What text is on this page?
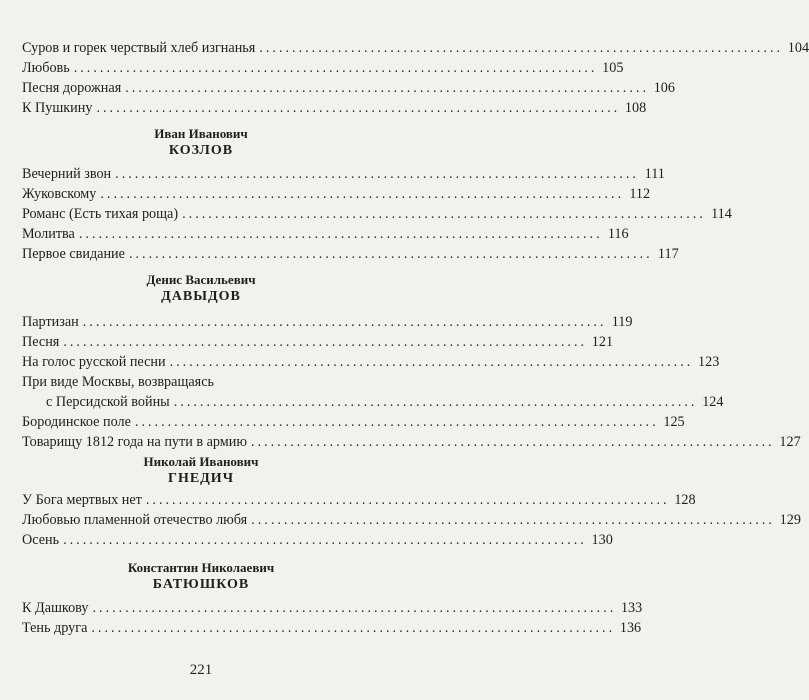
Суров и горек черствый хлеб изгнанья ................................................................................ 104
Любовь ................................................................................ 105
Песня дорожная ................................................................................ 106
К Пушкину ................................................................................ 108
Иван Иванович
КОЗЛОВ
Вечерний звон ................................................................................ 111
Жуковскому ................................................................................ 112
Романс (Есть тихая роща) ................................................................................ 114
Молитва ................................................................................ 116
Первое свидание ................................................................................ 117
Денис Васильевич
ДАВЫДОВ
Партизан ................................................................................ 119
Песня ................................................................................ 121
На голос русской песни ................................................................................ 123
При виде Москвы, возвращаясь
с Персидской войны ................................................................................ 124
Бородинское поле ................................................................................ 125
Товарищу 1812 года на пути в армию ................................................................................ 127
Николай Иванович
ГНЕДИЧ
У Бога мертвых нет ................................................................................ 128
Любовью пламенной отечество любя ................................................................................ 129
Осень ................................................................................ 130
Константин Николаевич
БАТЮШКОВ
К Дашкову ................................................................................ 133
Тень друга ................................................................................ 136
221
